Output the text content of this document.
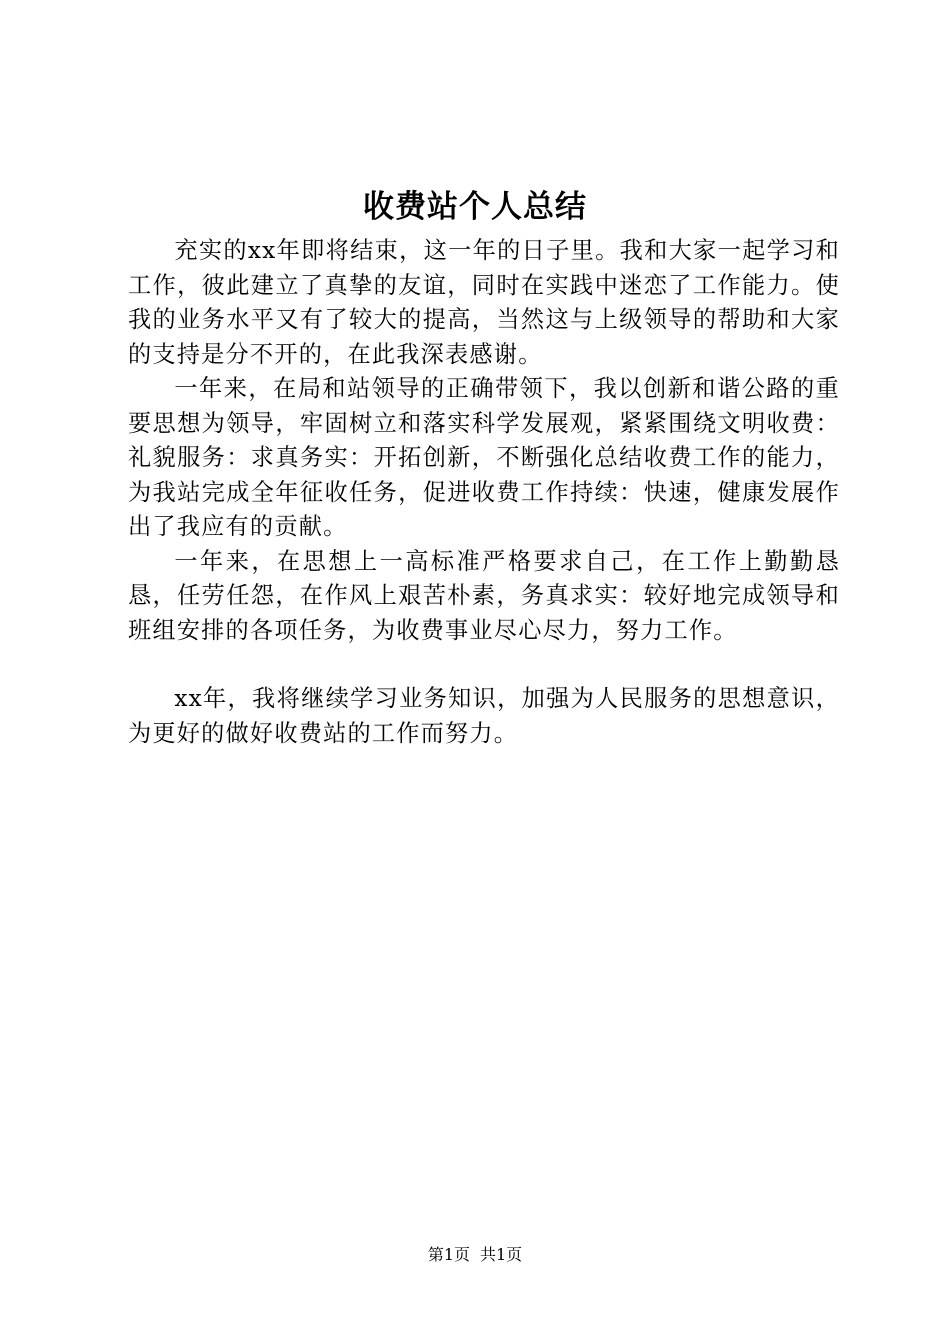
收费站个人总结

充实的xx年即将结束，这一年的日子里。我和大家一起学习和工作，彼此建立了真挚的友谊，同时在实践中迷恋了工作能力。使我的业务水平又有了较大的提高，当然这与上级领导的帮助和大家的支持是分不开的，在此我深表感谢。

一年来，在局和站领导的正确带领下，我以创新和谐公路的重要思想为领导，牢固树立和落实科学发展观，紧紧围绕文明收费：礼貌服务：求真务实：开拓创新，不断强化总结收费工作的能力，为我站完成全年征收任务，促进收费工作持续：快速，健康发展作出了我应有的贡献。

一年来，在思想上一高标准严格要求自己，在工作上勤勤恳恳，任劳任怨，在作风上艰苦朴素，务真求实：较好地完成领导和班组安排的各项任务，为收费事业尽心尽力，努力工作。

xx年，我将继续学习业务知识，加强为人民服务的思想意识，为更好的做好收费站的工作而努力。

第1页 共1页
